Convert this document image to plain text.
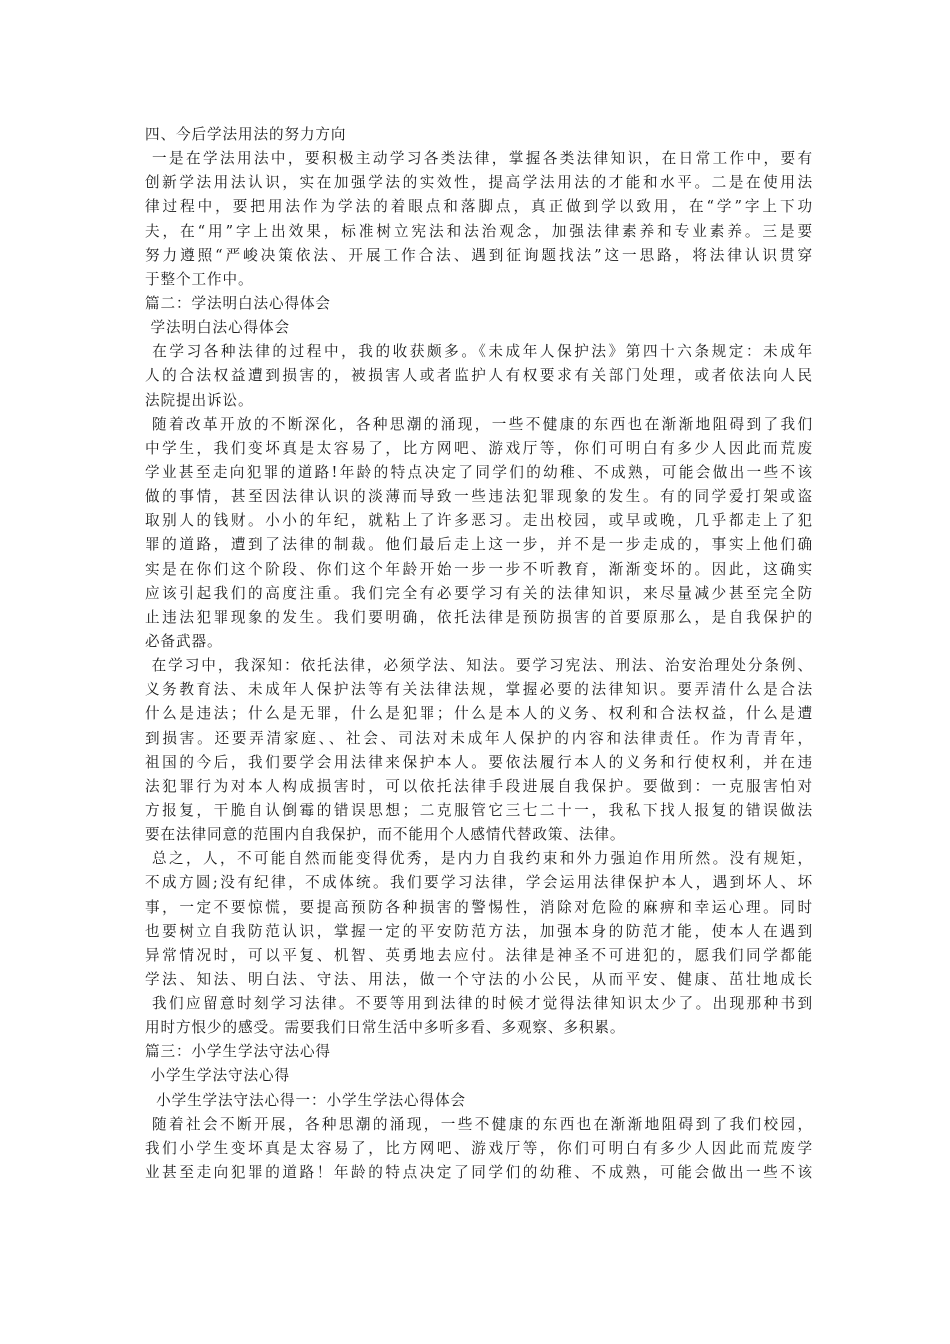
四、今后学法用法的努力方向

一是在学法用法中，要积极主动学习各类法律，掌握各类法律知识，在日常工作中，要有

创新学法用法认识，实在加强学法的实效性，提高学法用法的才能和水平。二是在使用法

律过程中，要把用法作为学法的着眼点和落脚点，真正做到学以致用，在“学”字上下功

夫，在“用”字上出效果，标准树立宪法和法治观念，加强法律素养和专业素养。三是要

努力遵照“严峻决策依法、开展工作合法、遇到征询题找法”这一思路，将法律认识贯穿

于整个工作中。

篇二：学法明白法心得体会

学法明白法心得体会

在学习各种法律的过程中，我的收获颇多。《未成年人保护法》第四十六条规定：未成年

人的合法权益遭到损害的，被损害人或者监护人有权要求有关部门处理，或者依法向人民

法院提出诉讼。

随着改革开放的不断深化，各种思潮的涌现，一些不健康的东西也在渐渐地阻碍到了我们

中学生，我们变坏真是太容易了，比方网吧、游戏厅等，你们可明白有多少人因此而荒废

学业甚至走向犯罪的道路!年龄的特点决定了同学们的幼稚、不成熟，可能会做出一些不该

做的事情，甚至因法律认识的淡薄而导致一些违法犯罪现象的发生。有的同学爱打架或盗

取别人的钱财。小小的年纪，就粘上了许多恶习。走出校园，或早或晚，几乎都走上了犯

罪的道路，遭到了法律的制裁。他们最后走上这一步，并不是一步走成的，事实上他们确

实是在你们这个阶段、你们这个年龄开始一步一步不听教育，渐渐变坏的。因此，这确实

应该引起我们的高度注重。我们完全有必要学习有关的法律知识，来尽量减少甚至完全防

止违法犯罪现象的发生。我们要明确，依托法律是预防损害的首要原那么，是自我保护的

必备武器。

在学习中，我深知：依托法律，必须学法、知法。要学习宪法、刑法、治安治理处分条例、

义务教育法、未成年人保护法等有关法律法规，掌握必要的法律知识。要弄清什么是合法

什么是违法；什么是无罪，什么是犯罪；什么是本人的义务、权利和合法权益，什么是遭

到损害。还要弄清家庭、、社会、司法对未成年人保护的内容和法律责任。作为青青年，

祖国的今后，我们要学会用法律来保护本人。要依法履行本人的义务和行使权利，并在违

法犯罪行为对本人构成损害时，可以依托法律手段进展自我保护。要做到：一克服害怕对

方报复，干脆自认倒霉的错误思想；二克服管它三七二十一，我私下找人报复的错误做法

要在法律同意的范围内自我保护，而不能用个人感情代替政策、法律。

总之，人，不可能自然而能变得优秀，是内力自我约束和外力强迫作用所然。没有规矩，

不成方圆;没有纪律，不成体统。我们要学习法律，学会运用法律保护本人，遇到坏人、坏

事，一定不要惊慌，要提高预防各种损害的警惕性，消除对危险的麻痹和幸运心理。同时

也要树立自我防范认识，掌握一定的平安防范方法，加强本身的防范才能，使本人在遇到

异常情况时，可以平复、机智、英勇地去应付。法律是神圣不可进犯的，愿我们同学都能

学法、知法、明白法、守法、用法，做一个守法的小公民，从而平安、健康、茁壮地成长

我们应留意时刻学习法律。不要等用到法律的时候才觉得法律知识太少了。出现那种书到

用时方恨少的感受。需要我们日常生活中多听多看、多观察、多积累。

篇三：小学生学法守法心得

小学生学法守法心得

小学生学法守法心得一：小学生学法心得体会

随着社会不断开展，各种思潮的涌现，一些不健康的东西也在渐渐地阻碍到了我们校园，

我们小学生变坏真是太容易了，比方网吧、游戏厅等，你们可明白有多少人因此而荒废学

业甚至走向犯罪的道路！年龄的特点决定了同学们的幼稚、不成熟，可能会做出一些不该
